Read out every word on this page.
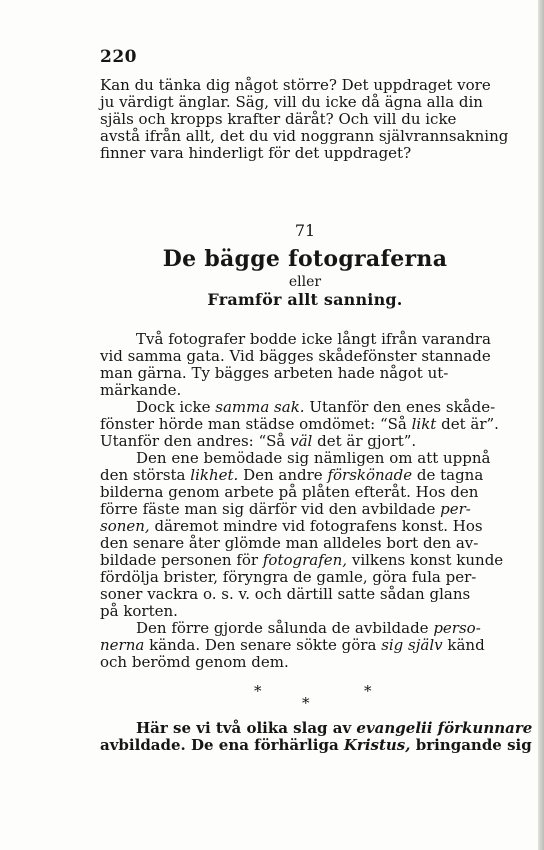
220
Kan du tänka dig något större? Det uppdraget vore
ju värdigt änglar. Säg, vill du icke då ägna alla din
själs och kropps krafter däråt? Och vill du icke
avstå ifrån allt, det du vid noggrann självrannsakning
finner vara hinderligt för det uppdraget?
71
De bägge fotograferna
eller
Framför allt sanning.
Två fotografer bodde icke långt ifrån varandra
vid samma gata. Vid bägges skådefönster stannade
man gärna. Ty bägges arbeten hade något ut-
märkande.
Dock icke samma sak. Utanför den enes skåde-
fönster hörde man städse omdömet: “Så likt det är”.
Utanför den andres: “Så väl det är gjort”.
Den ene bemödade sig nämligen om att uppnå
den största likhet. Den andre förskönade de tagna
bilderna genom arbete på plåten efteråt. Hos den
förre fäste man sig därför vid den avbildade per-
sonen, däremot mindre vid fotografens konst. Hos
den senare åter glömde man alldeles bort den av-
bildade personen för fotografen, vilkens konst kunde
fördölja brister, föryngra de gamle, göra fula per-
soner vackra o. s. v. och därtill satte sådan glans
på korten.
Den förre gjorde sålunda de avbildade perso-
nerna kända. Den senare sökte göra sig själv känd
och berömd genom dem.
*
*
*
Här se vi två olika slag av evangelii förkunnare
avbildade. De ena förhärliga Kristus, bringande sig
